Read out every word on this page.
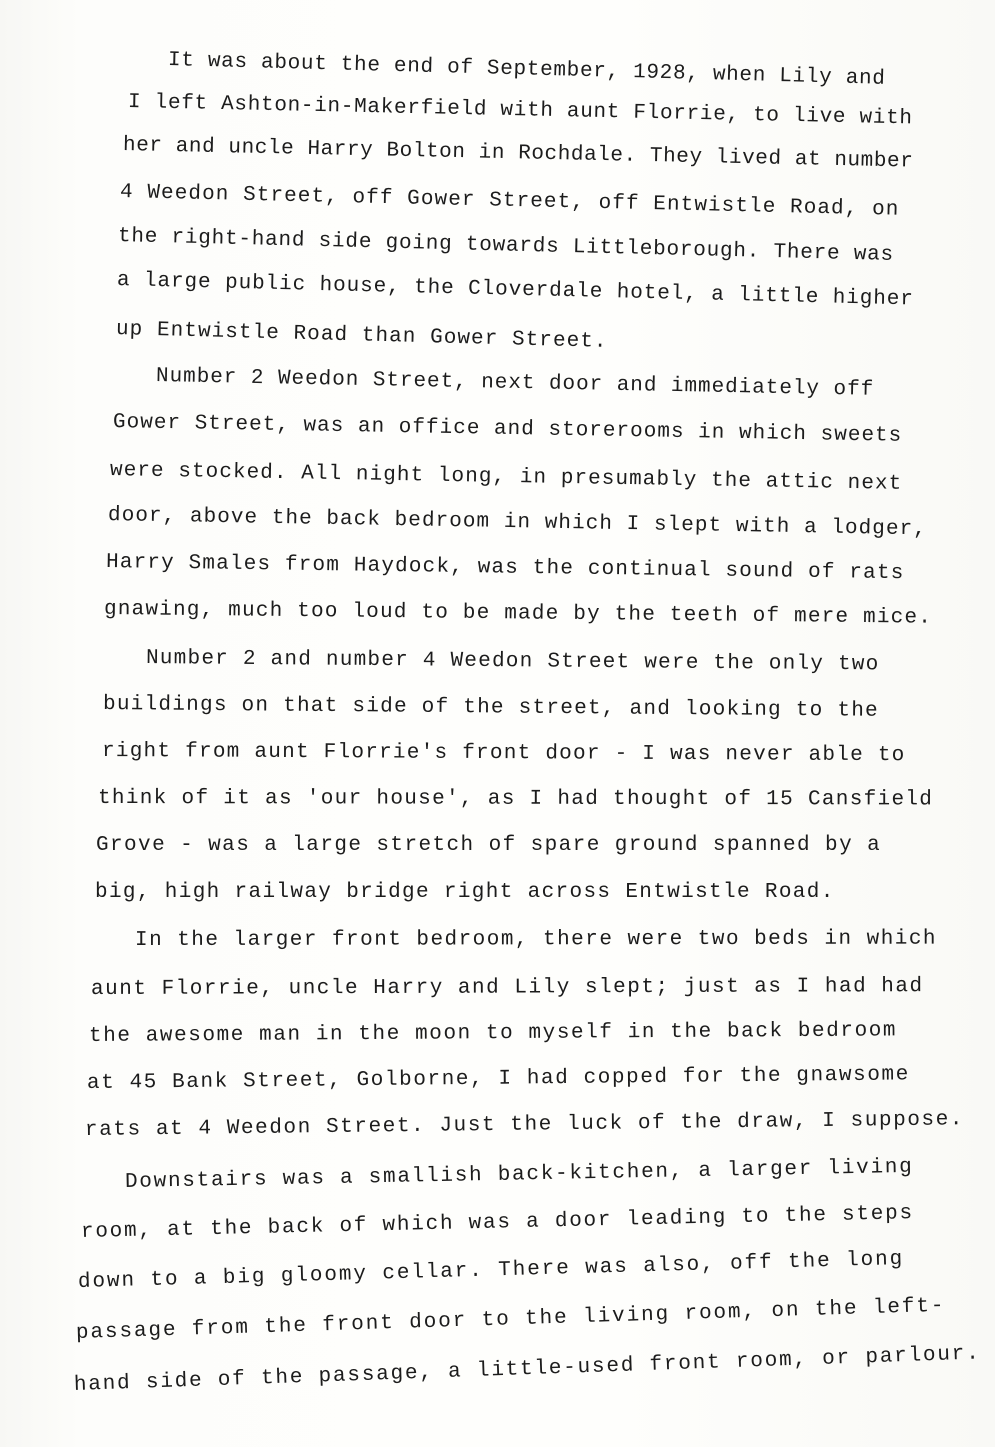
It was about the end of September, 1928, when Lily and
I left Ashton-in-Makerfield with aunt Florrie, to live with
her and uncle Harry Bolton in Rochdale. They lived at number
4 Weedon Street, off Gower Street, off Entwistle Road, on
the right-hand side going towards Littleborough. There was
a large public house, the Cloverdale hotel, a little higher
up Entwistle Road than Gower Street.
Number 2 Weedon Street, next door and immediately off
Gower Street, was an office and storerooms in which sweets
were stocked. All night long, in presumably the attic next
door, above the back bedroom in which I slept with a lodger,
Harry Smales from Haydock, was the continual sound of rats
gnawing, much too loud to be made by the teeth of mere mice.
Number 2 and number 4 Weedon Street were the only two
buildings on that side of the street, and looking to the
right from aunt Florrie's front door - I was never able to
think of it as 'our house', as I had thought of 15 Cansfield
Grove - was a large stretch of spare ground spanned by a
big, high railway bridge right across Entwistle Road.
In the larger front bedroom, there were two beds in which
aunt Florrie, uncle Harry and Lily slept; just as I had had
the awesome man in the moon to myself in the back bedroom
at 45 Bank Street, Golborne, I had copped for the gnawsome
rats at 4 Weedon Street. Just the luck of the draw, I suppose.
Downstairs was a smallish back-kitchen, a larger living
room, at the back of which was a door leading to the steps
down to a big gloomy cellar. There was also, off the long
passage from the front door to the living room, on the left-
hand side of the passage, a little-used front room, or parlour.
